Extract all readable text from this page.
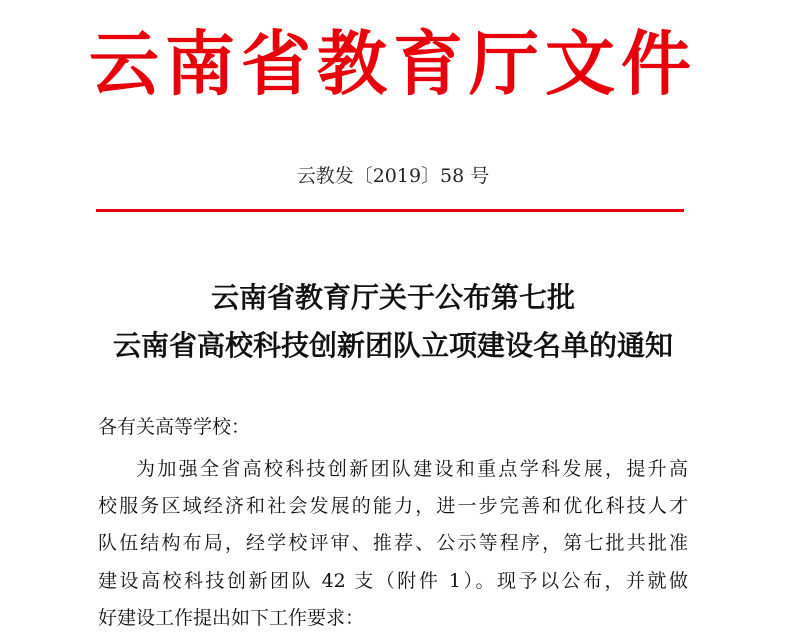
云南省教育厅文件
云教发〔2019〕58 号
云南省教育厅关于公布第七批
云南省高校科技创新团队立项建设名单的通知
各有关高等学校：
为加强全省高校科技创新团队建设和重点学科发展，提升高
校服务区域经济和社会发展的能力，进一步完善和优化科技人才
队伍结构布局，经学校评审、推荐、公示等程序，第七批共批准
建设高校科技创新团队 42 支（附件 1）。现予以公布，并就做
好建设工作提出如下工作要求：
